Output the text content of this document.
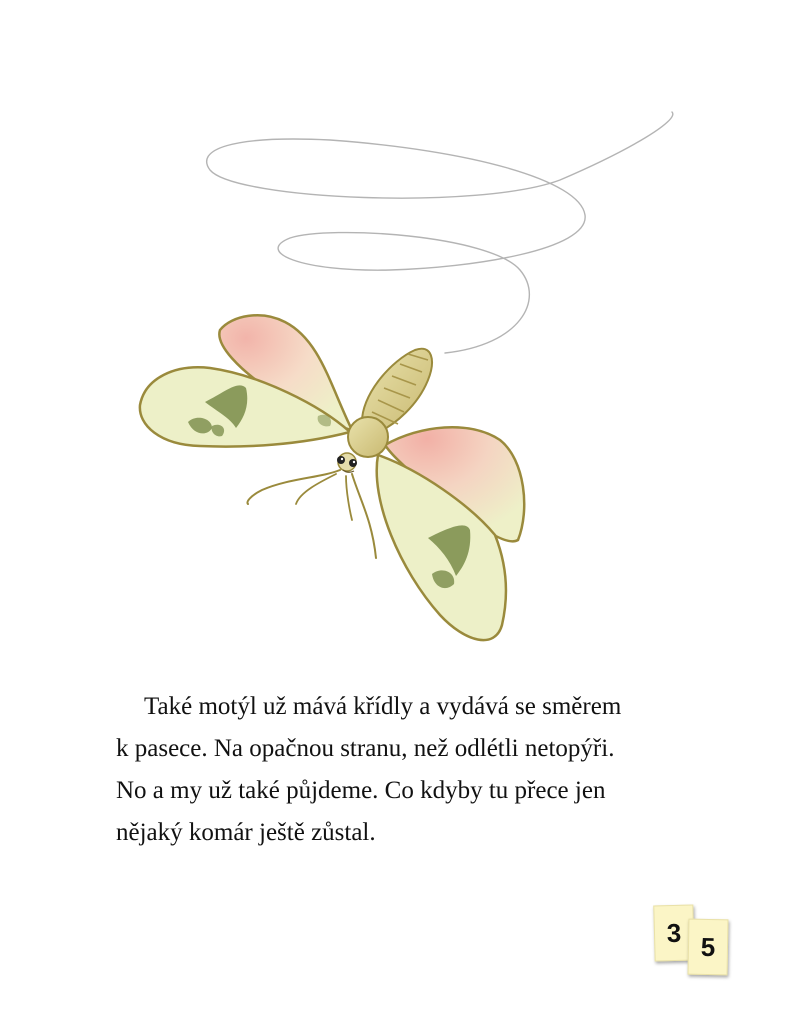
Také motýl už mává křídly a vydává se směrem
k pasece. Na opačnou stranu, než odlétli netopýři.
No a my už také půjdeme. Co kdyby tu přece jen
nějaký komár ještě zůstal.

3 5
